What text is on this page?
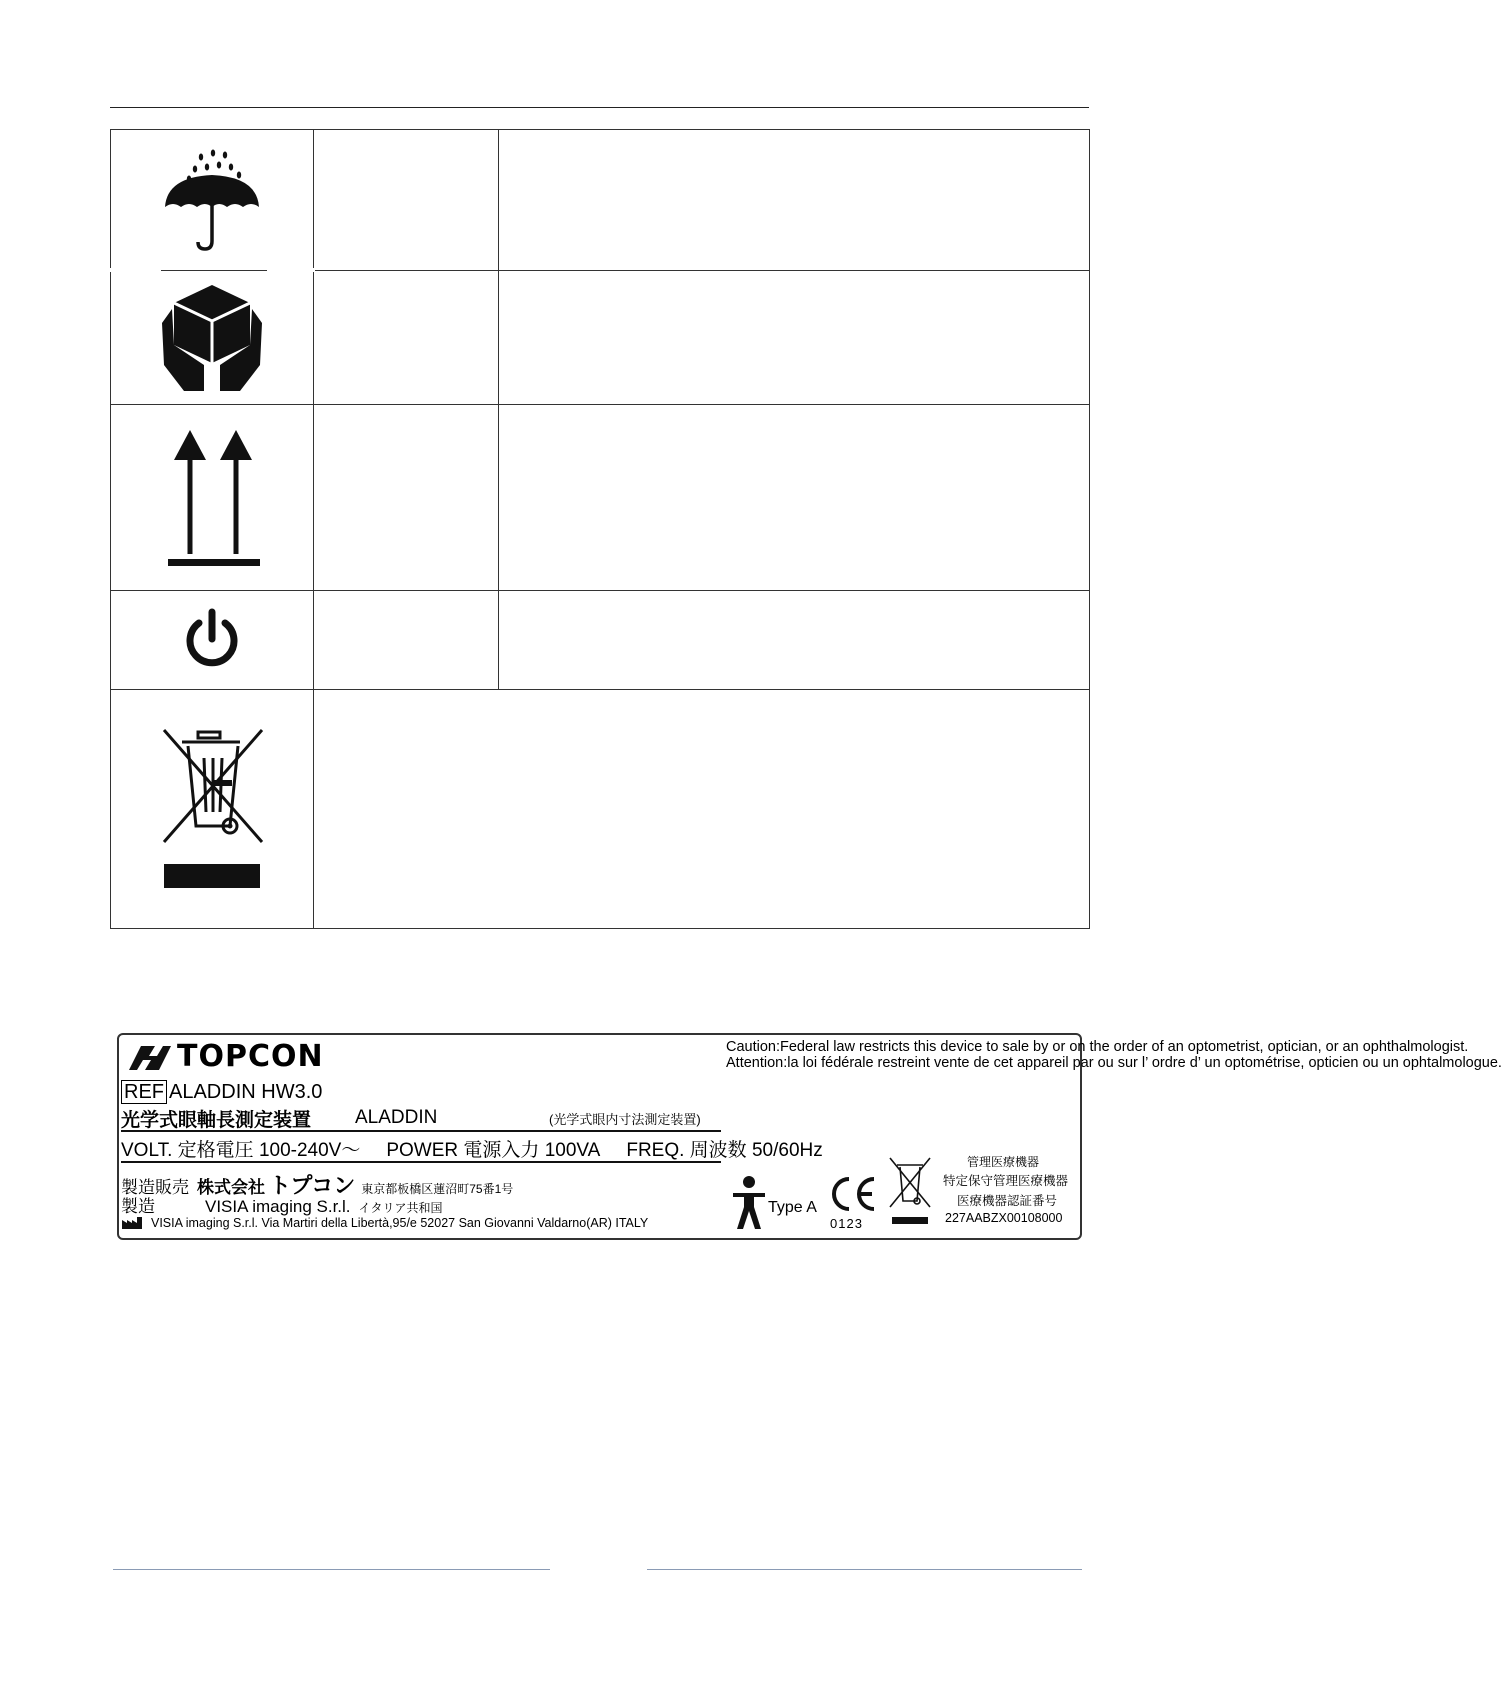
TOPCON
REF ALADDIN HW3.0
光学式眼軸長測定装置 ALADDIN	(光学式眼内寸法測定装置)
VOLT. 定格電圧 100-240V〜 POWER 電源入力 100VA FREQ. 周波数 50/60Hz
製造販売 株式会社 トプコン 東京都板橋区蓮沼町75番1号
製造	VISIA imaging S.r.l. イタリア共和国
VISIA imaging S.r.l. Via Martiri della Libertà,95/e 52027 San Giovanni Valdarno(AR) ITALY
Caution:Federal law restricts this device to sale by or on the order of an optometrist, optician, or an ophthalmologist.
Attention:la loi fédérale restreint vente de cet appareil par ou sur l’ ordre d’ un optométrise, opticien ou un ophtalmologue.
Type A
0123
管理医療機器
特定保守管理医療機器
医療機器認証番号
227AABZX00108000
